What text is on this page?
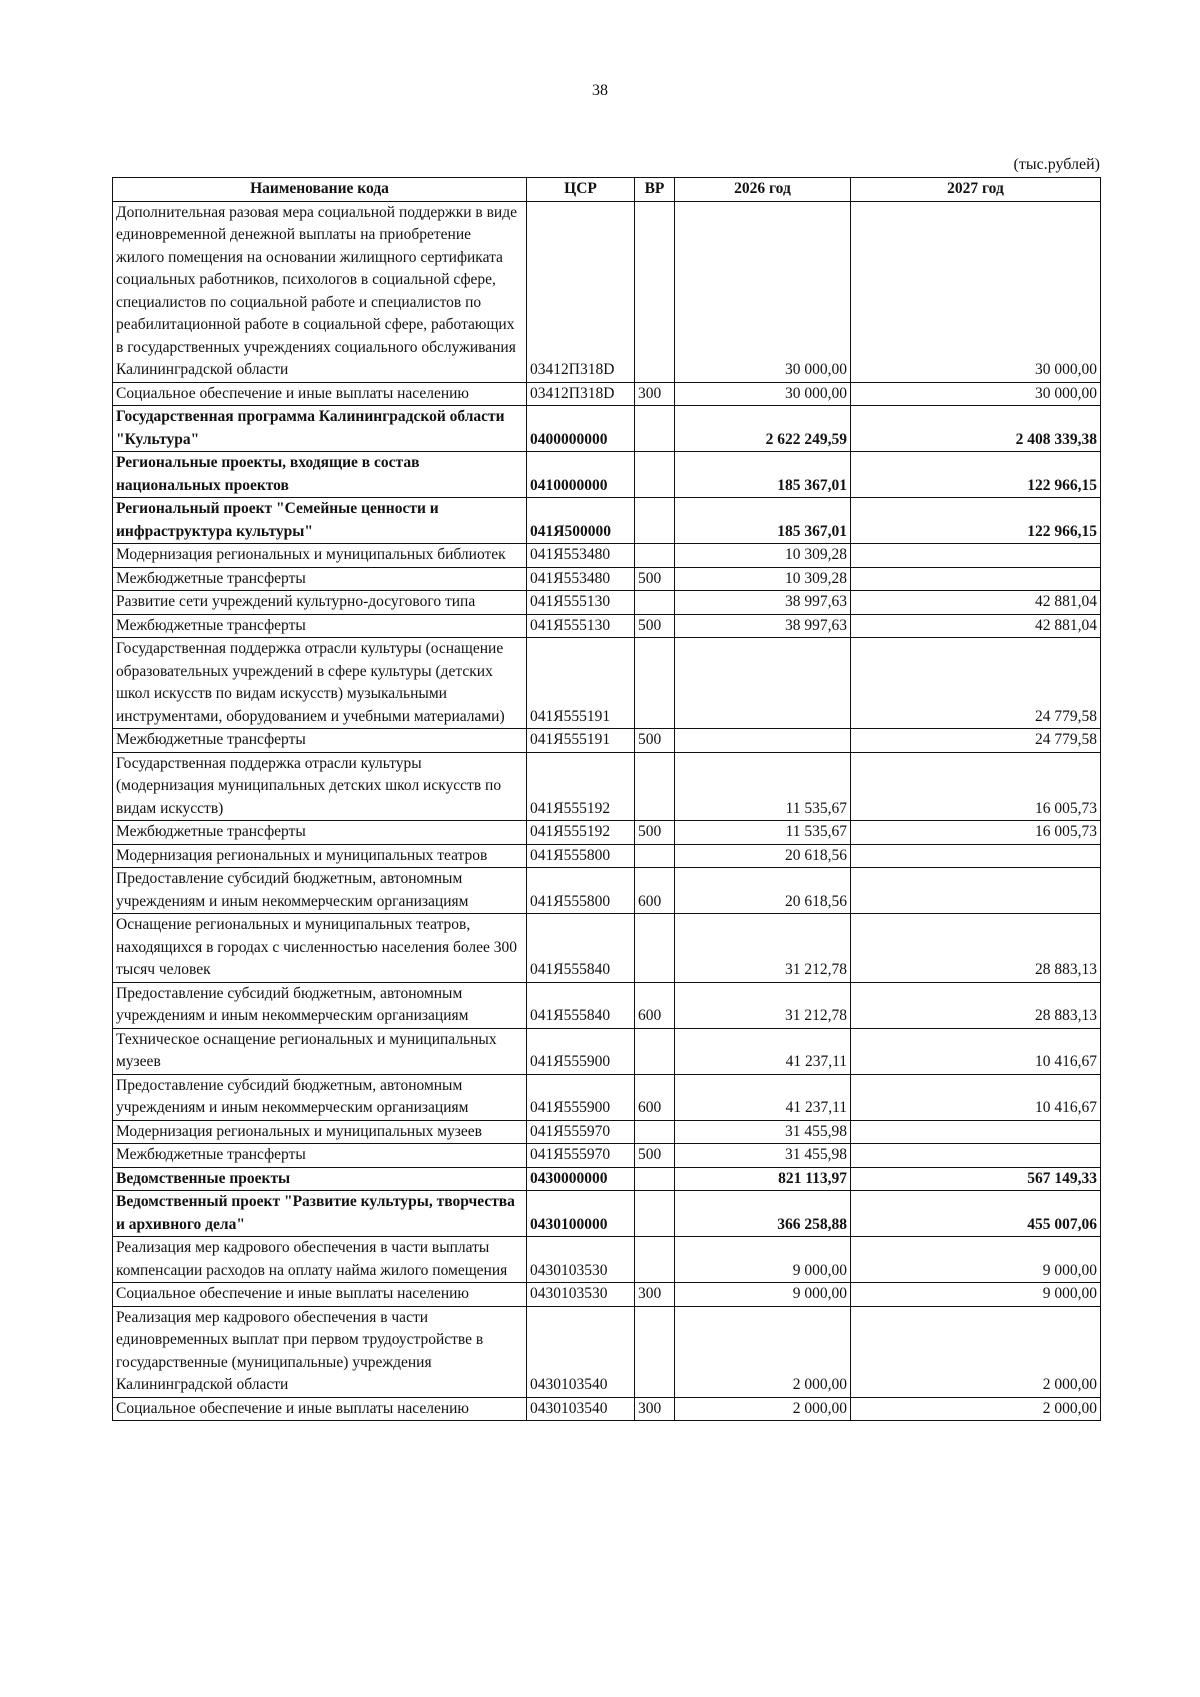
38
(тыс.рублей)
Наименование кода	ЦСР	ВР	2026 год	2027 год
Дополнительная разовая мера социальной поддержки в виде единовременной денежной выплаты на приобретение жилого помещения на основании жилищного сертификата социальных работников, психологов в социальной сфере, специалистов по социальной работе и специалистов по реабилитационной работе в социальной сфере, работающих в государственных учреждениях социального обслуживания Калининградской области	03412П318D		30 000,00	30 000,00
Социальное обеспечение и иные выплаты населению	03412П318D	300	30 000,00	30 000,00
Государственная программа Калининградской области "Культура"	0400000000		2 622 249,59	2 408 339,38
Региональные проекты, входящие в состав национальных проектов	0410000000		185 367,01	122 966,15
Региональный проект "Семейные ценности и инфраструктура культуры"	041Я500000		185 367,01	122 966,15
Модернизация региональных и муниципальных библиотек	041Я553480		10 309,28	
Межбюджетные трансферты	041Я553480	500	10 309,28	
Развитие сети учреждений культурно-досугового типа	041Я555130		38 997,63	42 881,04
Межбюджетные трансферты	041Я555130	500	38 997,63	42 881,04
Государственная поддержка отрасли культуры (оснащение образовательных учреждений в сфере культуры (детских школ искусств по видам искусств) музыкальными инструментами, оборудованием и учебными материалами)	041Я555191			24 779,58
Межбюджетные трансферты	041Я555191	500		24 779,58
Государственная поддержка отрасли культуры (модернизация муниципальных детских школ искусств по видам искусств)	041Я555192		11 535,67	16 005,73
Межбюджетные трансферты	041Я555192	500	11 535,67	16 005,73
Модернизация региональных и муниципальных театров	041Я555800		20 618,56	
Предоставление субсидий бюджетным, автономным учреждениям и иным некоммерческим организациям	041Я555800	600	20 618,56	
Оснащение региональных и муниципальных театров, находящихся в городах с численностью населения более 300 тысяч человек	041Я555840		31 212,78	28 883,13
Предоставление субсидий бюджетным, автономным учреждениям и иным некоммерческим организациям	041Я555840	600	31 212,78	28 883,13
Техническое оснащение региональных и муниципальных музеев	041Я555900		41 237,11	10 416,67
Предоставление субсидий бюджетным, автономным учреждениям и иным некоммерческим организациям	041Я555900	600	41 237,11	10 416,67
Модернизация региональных и муниципальных музеев	041Я555970		31 455,98	
Межбюджетные трансферты	041Я555970	500	31 455,98	
Ведомственные проекты	0430000000		821 113,97	567 149,33
Ведомственный проект "Развитие культуры, творчества и архивного дела"	0430100000		366 258,88	455 007,06
Реализация мер кадрового обеспечения в части выплаты компенсации расходов на оплату найма жилого помещения	0430103530		9 000,00	9 000,00
Социальное обеспечение и иные выплаты населению	0430103530	300	9 000,00	9 000,00
Реализация мер кадрового обеспечения в части единовременных выплат при первом трудоустройстве в государственные (муниципальные) учреждения Калининградской области	0430103540		2 000,00	2 000,00
Социальное обеспечение и иные выплаты населению	0430103540	300	2 000,00	2 000,00
